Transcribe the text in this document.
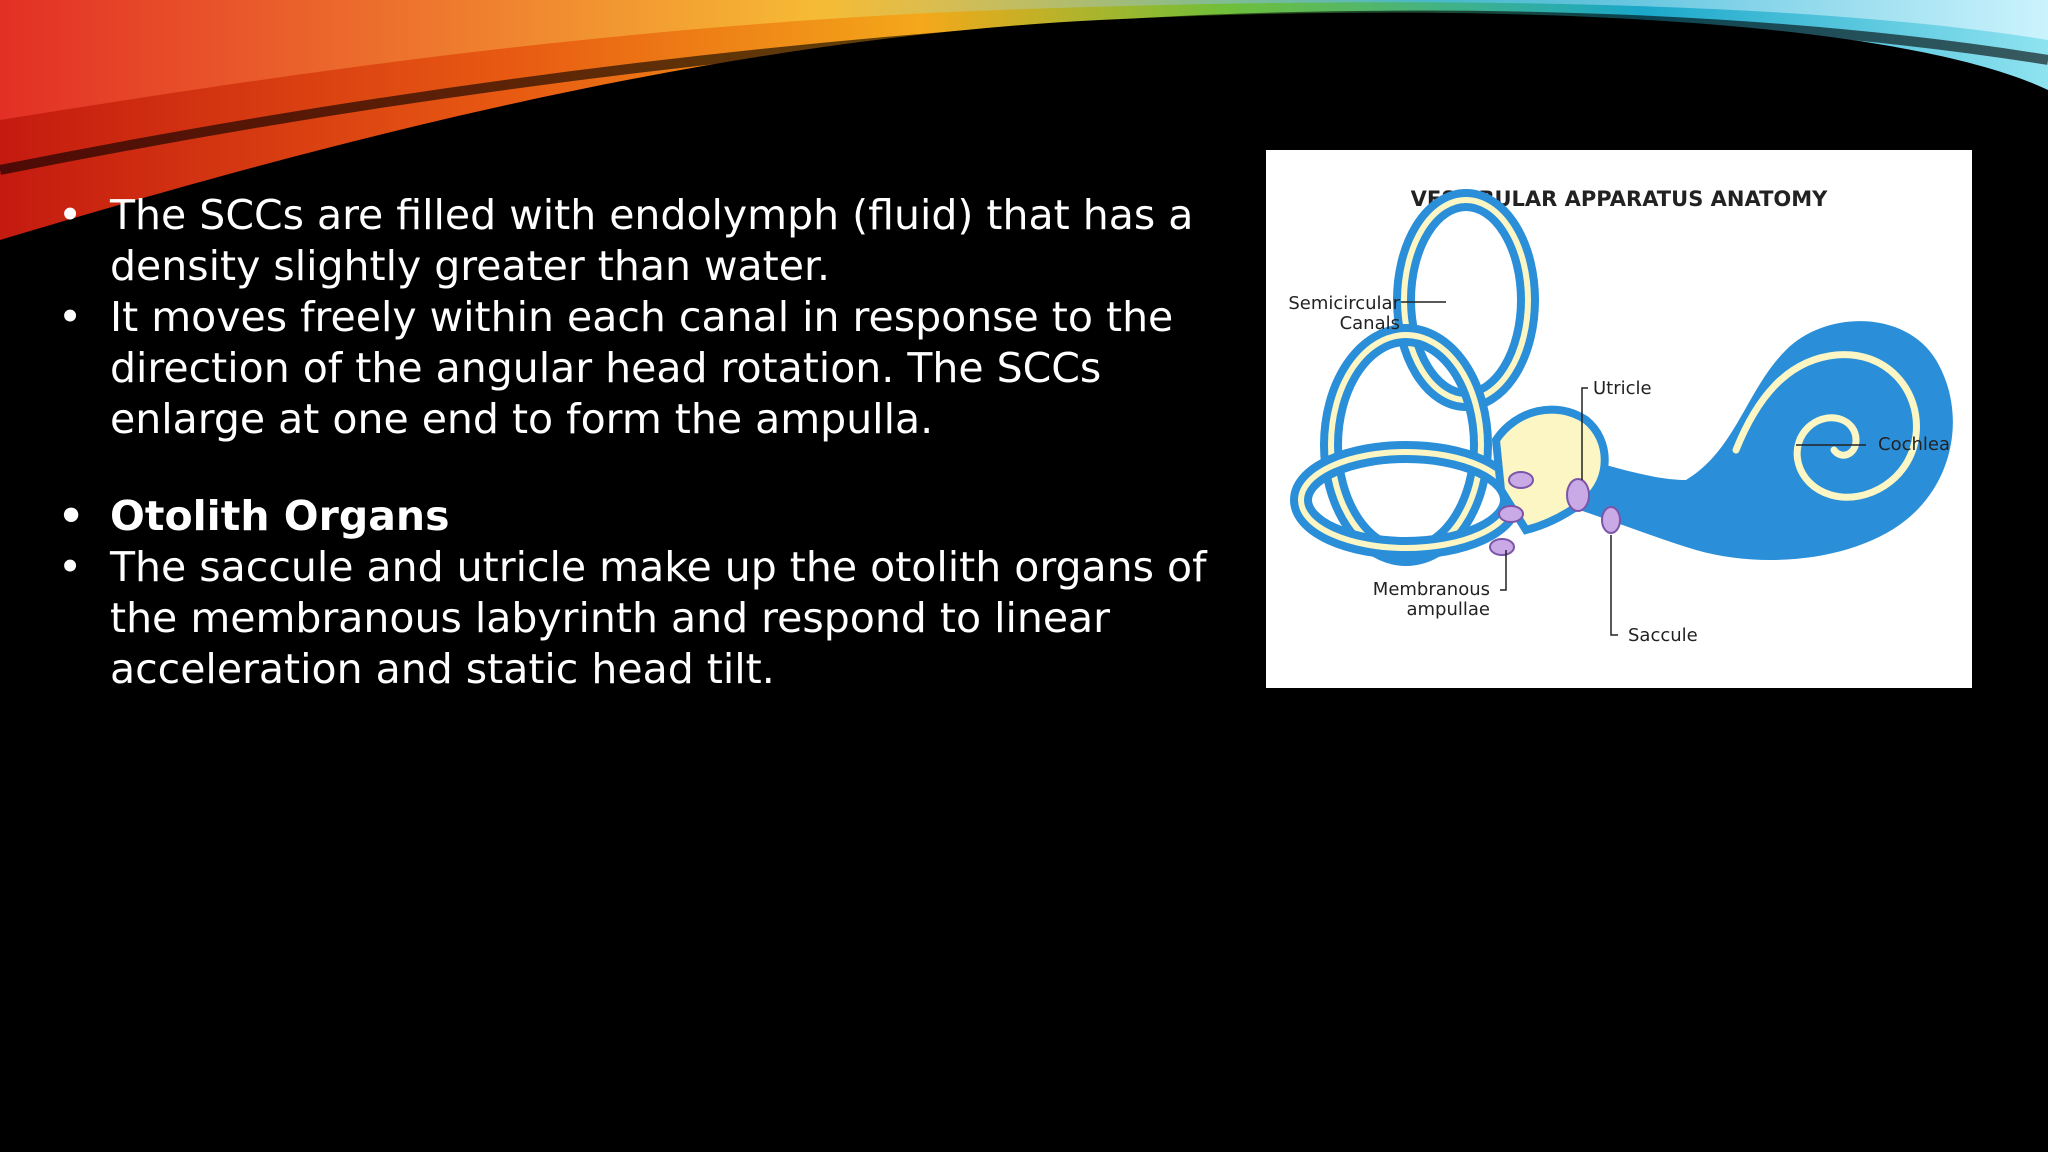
• The SCCs are filled with endolymph (fluid) that has a density slightly greater than water.
• It moves freely within each canal in response to the direction of the angular head rotation. The SCCs enlarge at one end to form the ampulla.
• Otolith Organs
• The saccule and utricle make up the otolith organs of the membranous labyrinth and respond to linear acceleration and static head tilt.
VESTIBULAR APPARATUS ANATOMY
Semicircular
Canals
Utricle
Cochlea
Membranous
ampullae
Saccule
